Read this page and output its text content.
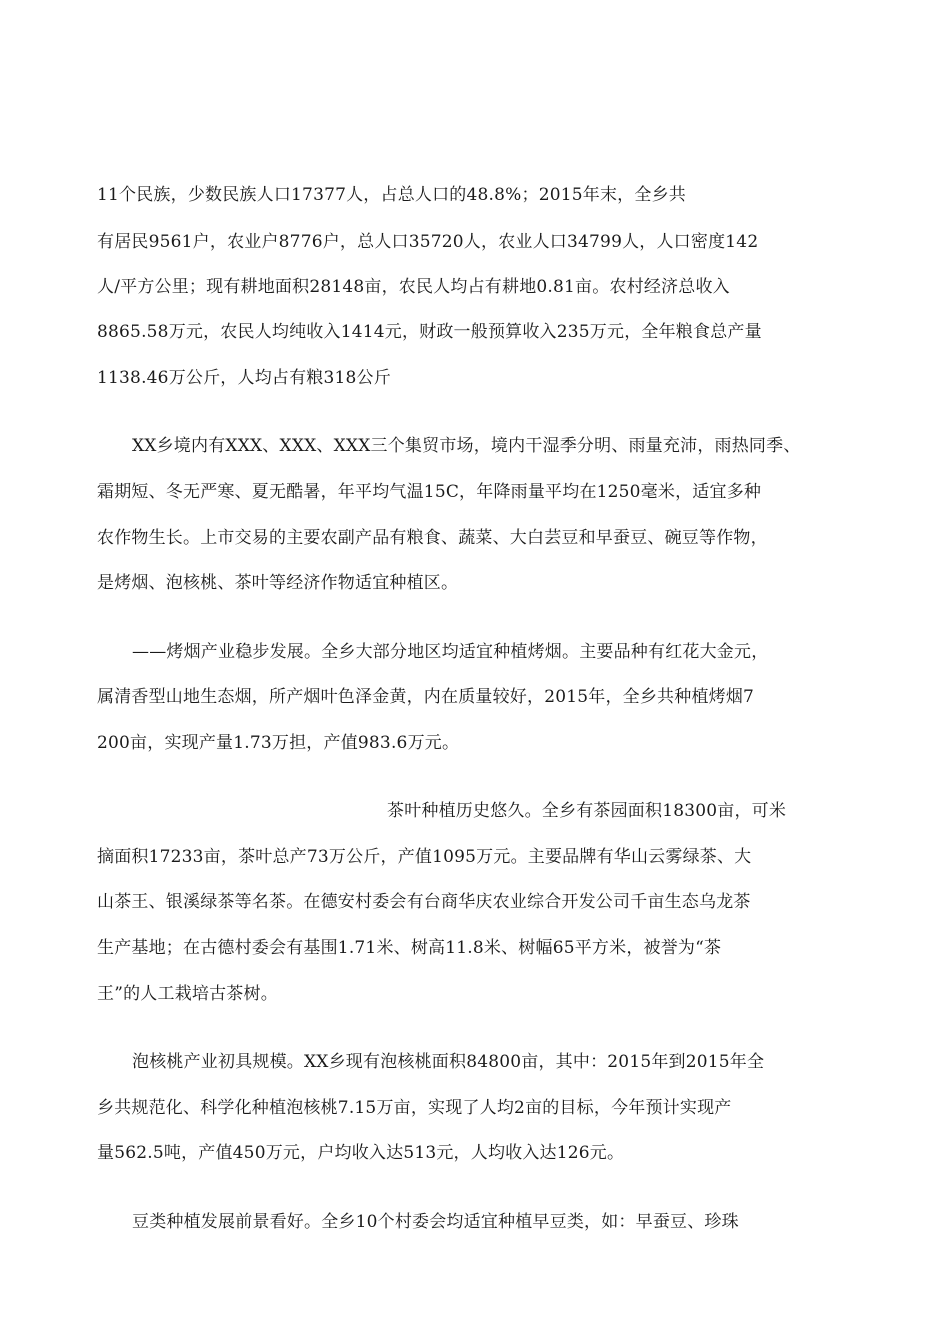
11个民族，少数民族人口17377人，占总人口的48.8%；2015年末，全乡共
有居民9561户，农业户8776户，总人口35720人，农业人口34799人，人口密度142
人/平方公里；现有耕地面积28148亩，农民人均占有耕地0.81亩。农村经济总收入
8865.58万元，农民人均纯收入1414元，财政一般预算收入235万元，全年粮食总产量
1138.46万公斤，人均占有粮318公斤
XX乡境内有XXX、XXX、XXX三个集贸市场，境内干湿季分明、雨量充沛，雨热同季、
霜期短、冬无严寒、夏无酷暑，年平均气温15C，年降雨量平均在1250毫米，适宜多种
农作物生长。上市交易的主要农副产品有粮食、蔬菜、大白芸豆和早蚕豆、碗豆等作物，
是烤烟、泡核桃、茶叶等经济作物适宜种植区。
——烤烟产业稳步发展。全乡大部分地区均适宜种植烤烟。主要品种有红花大金元，
属清香型山地生态烟，所产烟叶色泽金黄，内在质量较好，2015年，全乡共种植烤烟7
200亩，实现产量1.73万担，产值983.6万元。
茶叶种植历史悠久。全乡有茶园面积18300亩，可米
摘面积17233亩，茶叶总产73万公斤，产值1095万元。主要品牌有华山云雾绿茶、大
山茶王、银溪绿茶等名茶。在德安村委会有台商华庆农业综合开发公司千亩生态乌龙茶
生产基地；在古德村委会有基围1.71米、树高11.8米、树幅65平方米，被誉为“茶
王”的人工栽培古茶树。
泡核桃产业初具规模。XX乡现有泡核桃面积84800亩，其中：2015年到2015年全
乡共规范化、科学化种植泡核桃7.15万亩，实现了人均2亩的目标，今年预计实现产
量562.5吨，产值450万元，户均收入达513元，人均收入达126元。
豆类种植发展前景看好。全乡10个村委会均适宜种植早豆类，如：早蚕豆、珍珠
